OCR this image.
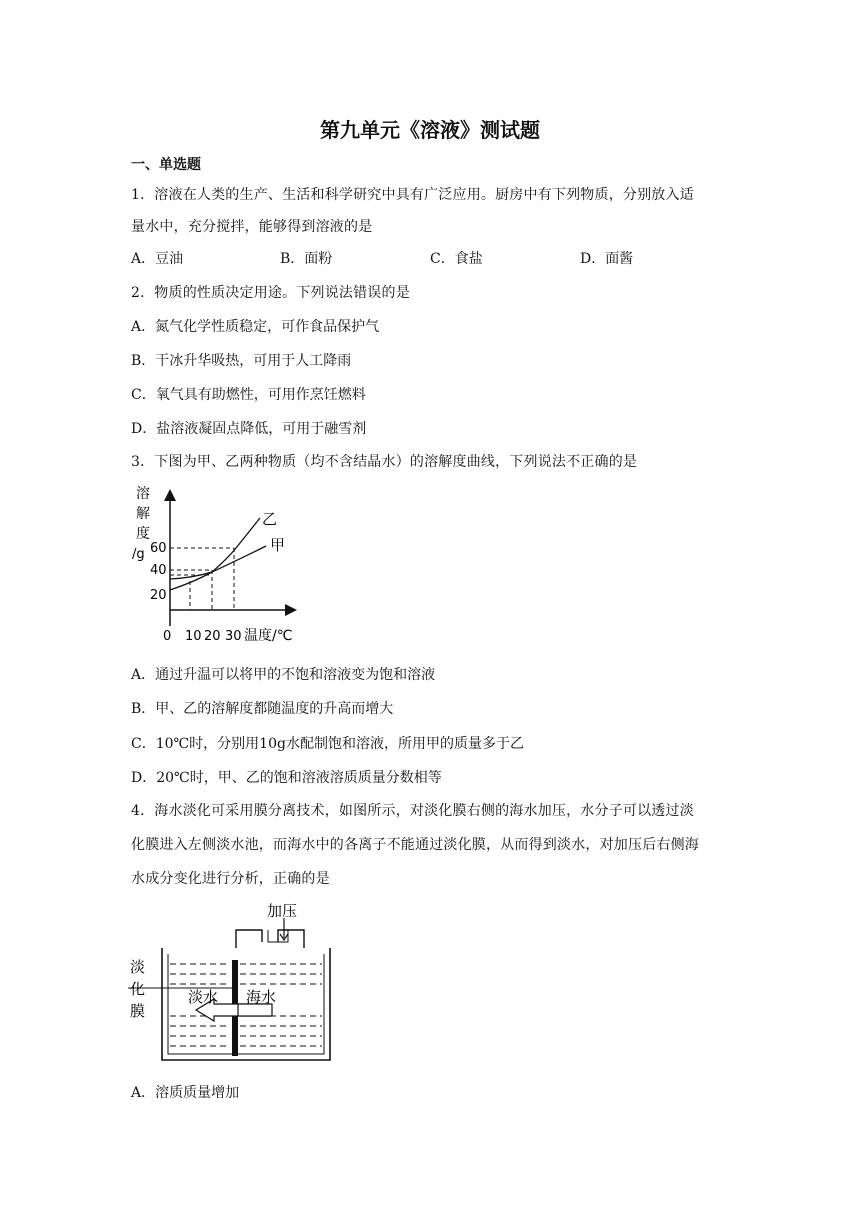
第九单元《溶液》测试题
一、单选题
1．溶液在人类的生产、生活和科学研究中具有广泛应用。厨房中有下列物质，分别放入适
量水中，充分搅拌，能够得到溶液的是
A．豆油	B．面粉	C．食盐	D．面酱
2．物质的性质决定用途。下列说法错误的是
A．氮气化学性质稳定，可作食品保护气
B．干冰升华吸热，可用于人工降雨
C．氧气具有助燃性，可用作烹饪燃料
D．盐溶液凝固点降低，可用于融雪剂
3．下图为甲、乙两种物质（均不含结晶水）的溶解度曲线，下列说法不正确的是
溶
解
度
/g 60
40
20
0 10 20 30 温度/℃
乙
甲
A．通过升温可以将甲的不饱和溶液变为饱和溶液
B．甲、乙的溶解度都随温度的升高而增大
C．10℃时，分别用10g水配制饱和溶液，所用甲的质量多于乙
D．20℃时，甲、乙的饱和溶液溶质质量分数相等
4．海水淡化可采用膜分离技术，如图所示，对淡化膜右侧的海水加压，水分子可以透过淡
化膜进入左侧淡水池，而海水中的各离子不能通过淡化膜，从而得到淡水，对加压后右侧海
水成分变化进行分析，正确的是
加压
淡
化
膜
淡水 海水
A．溶质质量增加
